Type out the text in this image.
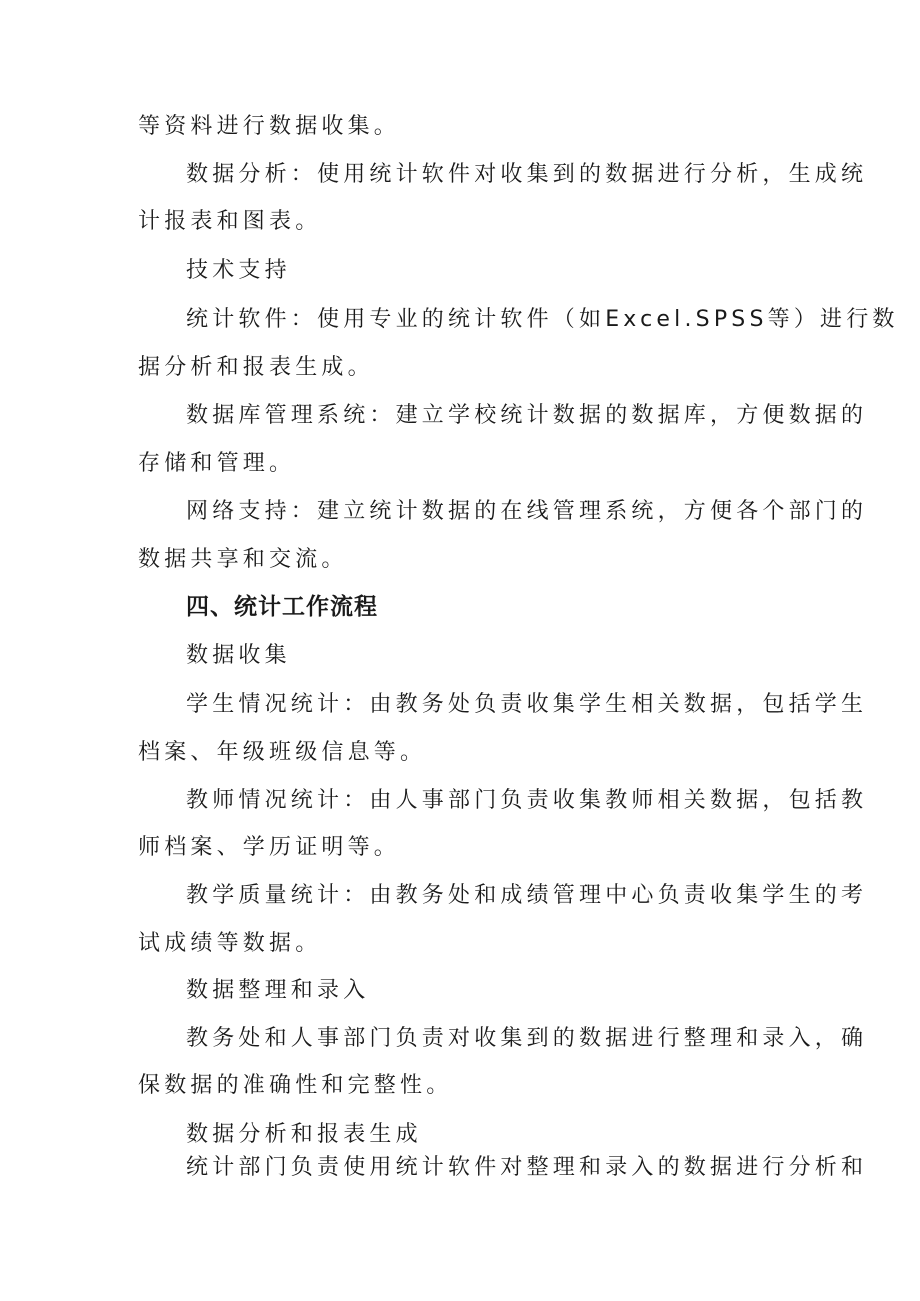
等资料进行数据收集。

数据分析：使用统计软件对收集到的数据进行分析，生成统

计报表和图表。

技术支持

统计软件：使用专业的统计软件（如Excel.SPSS等）进行数

据分析和报表生成。

数据库管理系统：建立学校统计数据的数据库，方便数据的

存储和管理。

网络支持：建立统计数据的在线管理系统，方便各个部门的

数据共享和交流。

四、统计工作流程

数据收集

学生情况统计：由教务处负责收集学生相关数据，包括学生

档案、年级班级信息等。

教师情况统计：由人事部门负责收集教师相关数据，包括教

师档案、学历证明等。

教学质量统计：由教务处和成绩管理中心负责收集学生的考

试成绩等数据。

数据整理和录入

教务处和人事部门负责对收集到的数据进行整理和录入，确

保数据的准确性和完整性。

数据分析和报表生成

统计部门负责使用统计软件对整理和录入的数据进行分析和
